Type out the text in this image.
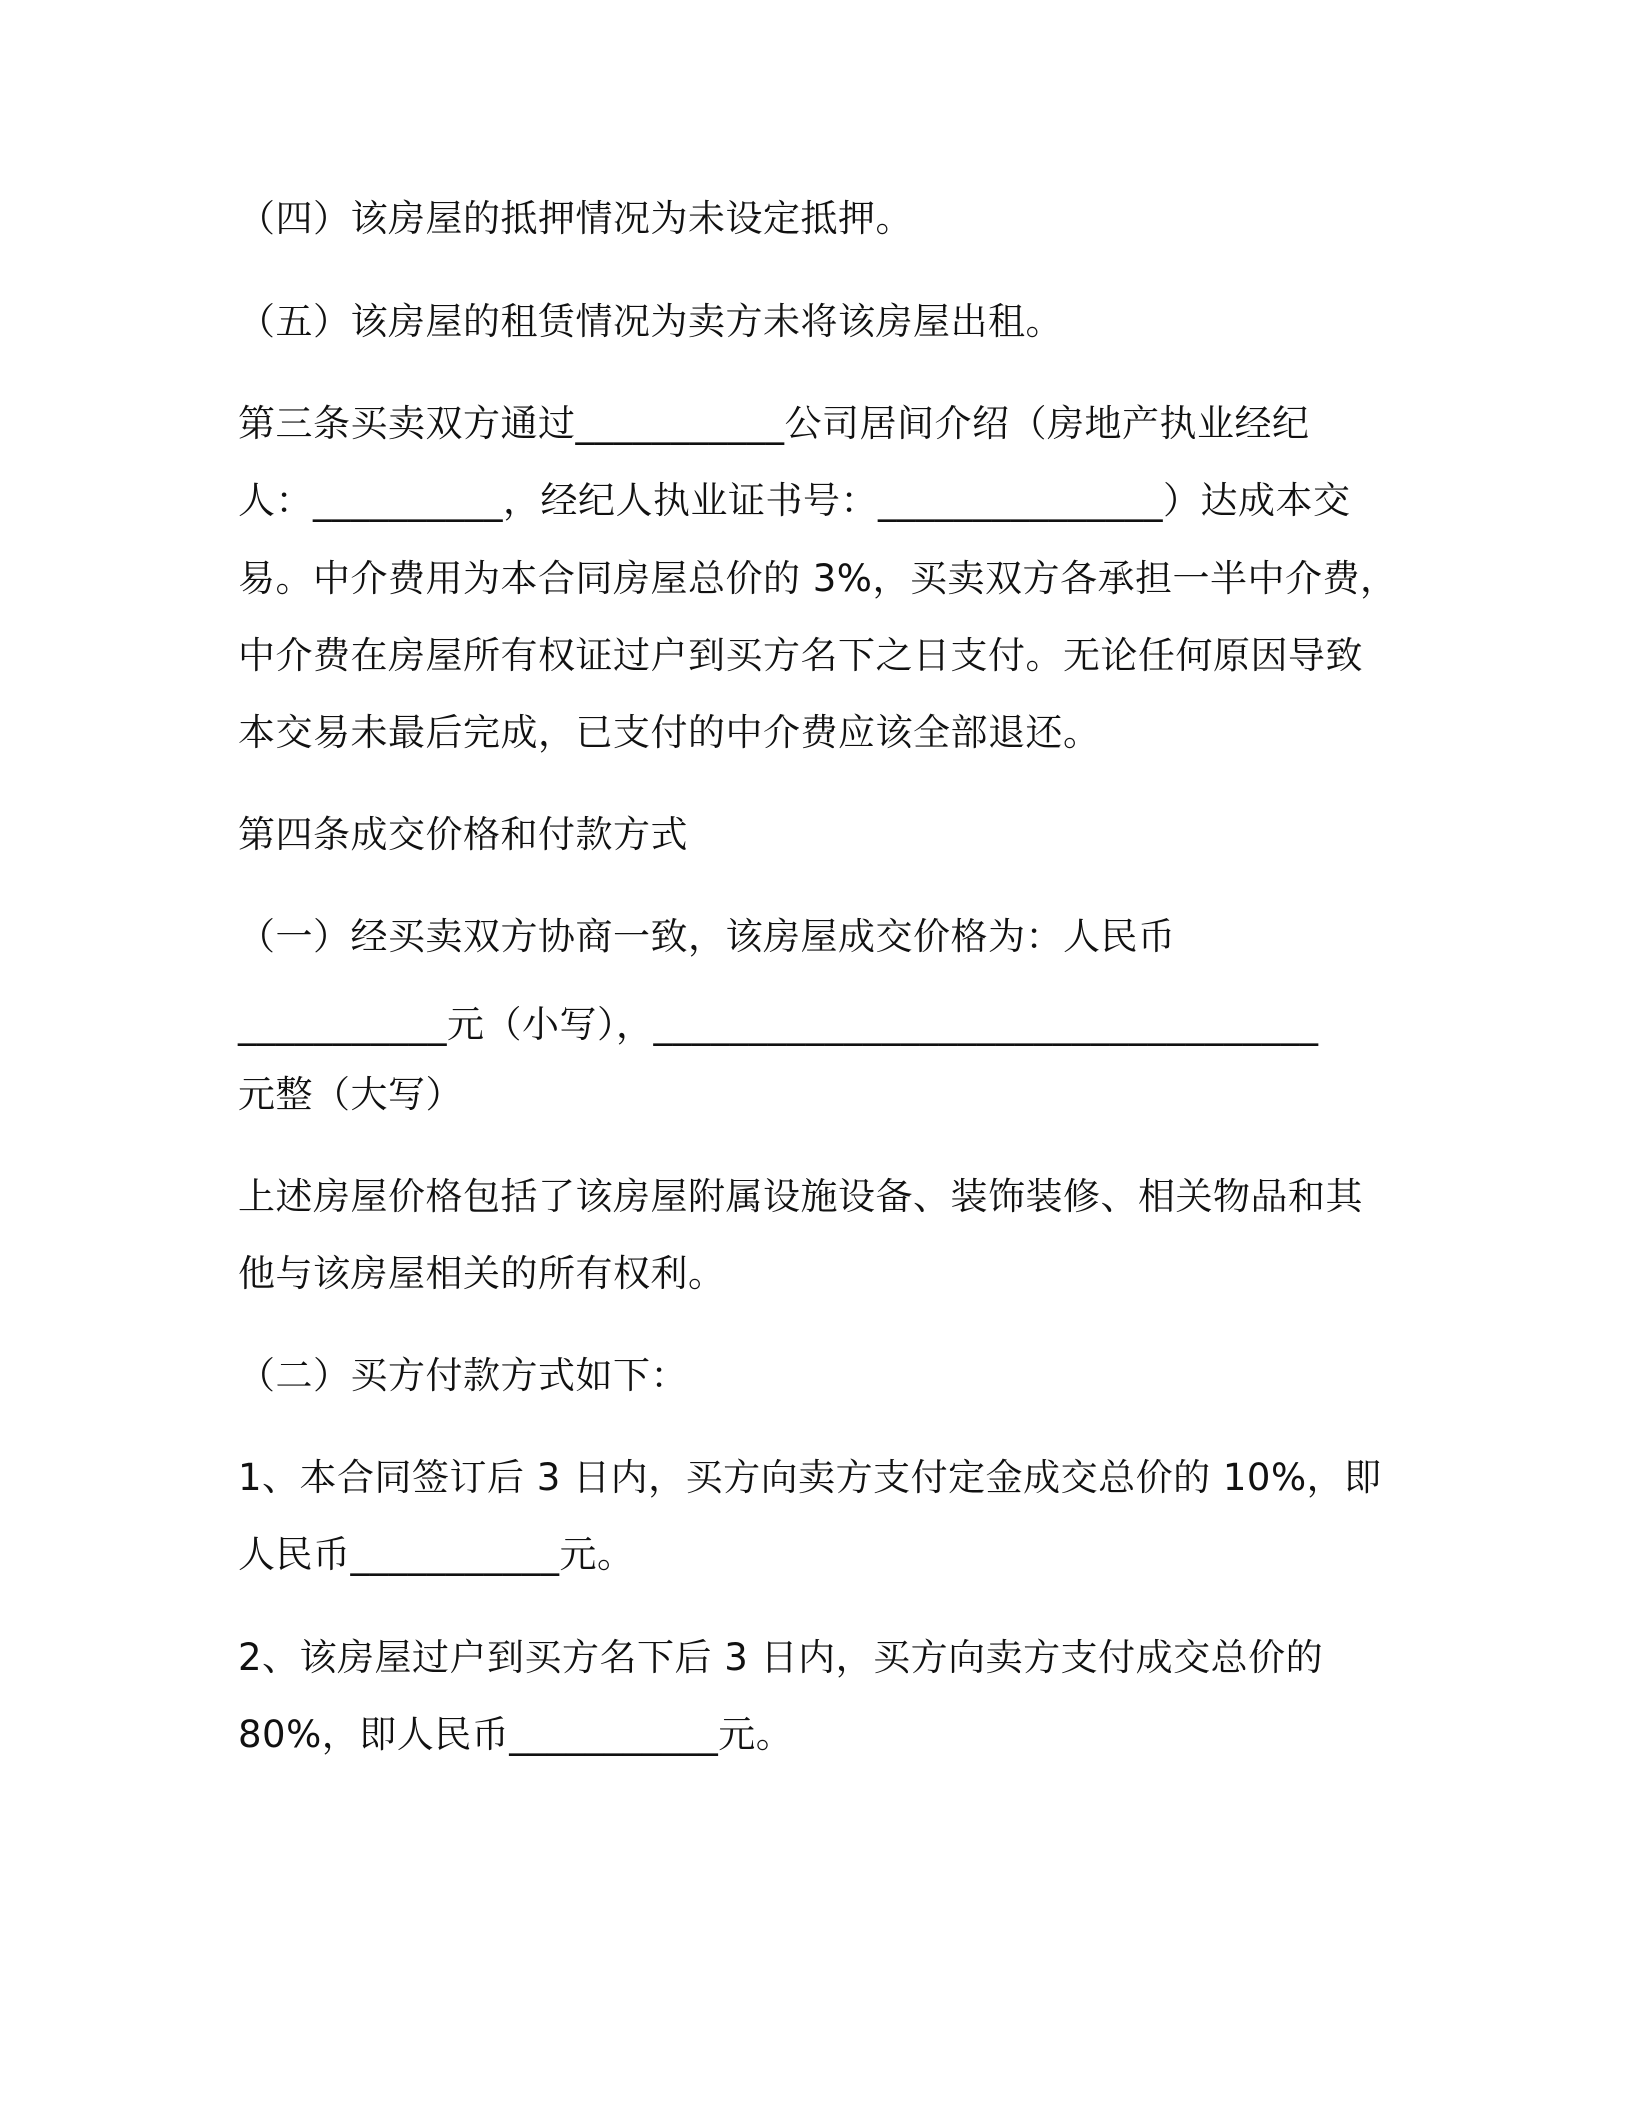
（四）该房屋的抵押情况为未设定抵押。
（五）该房屋的租赁情况为卖方未将该房屋出租。
第三条买卖双方通过___________公司居间介绍（房地产执业经纪
人：__________，经纪人执业证书号：_______________）达成本交
易。中介费用为本合同房屋总价的 3%，买卖双方各承担一半中介费，
中介费在房屋所有权证过户到买方名下之日支付。无论任何原因导致
本交易未最后完成，已支付的中介费应该全部退还。
第四条成交价格和付款方式
（一）经买卖双方协商一致，该房屋成交价格为：人民币
___________元（小写），___________________________________
元整（大写）
上述房屋价格包括了该房屋附属设施设备、装饰装修、相关物品和其
他与该房屋相关的所有权利。
（二）买方付款方式如下：
1、本合同签订后 3 日内，买方向卖方支付定金成交总价的 10%，即
人民币___________元。
2、该房屋过户到买方名下后 3 日内，买方向卖方支付成交总价的
80%，即人民币___________元。
